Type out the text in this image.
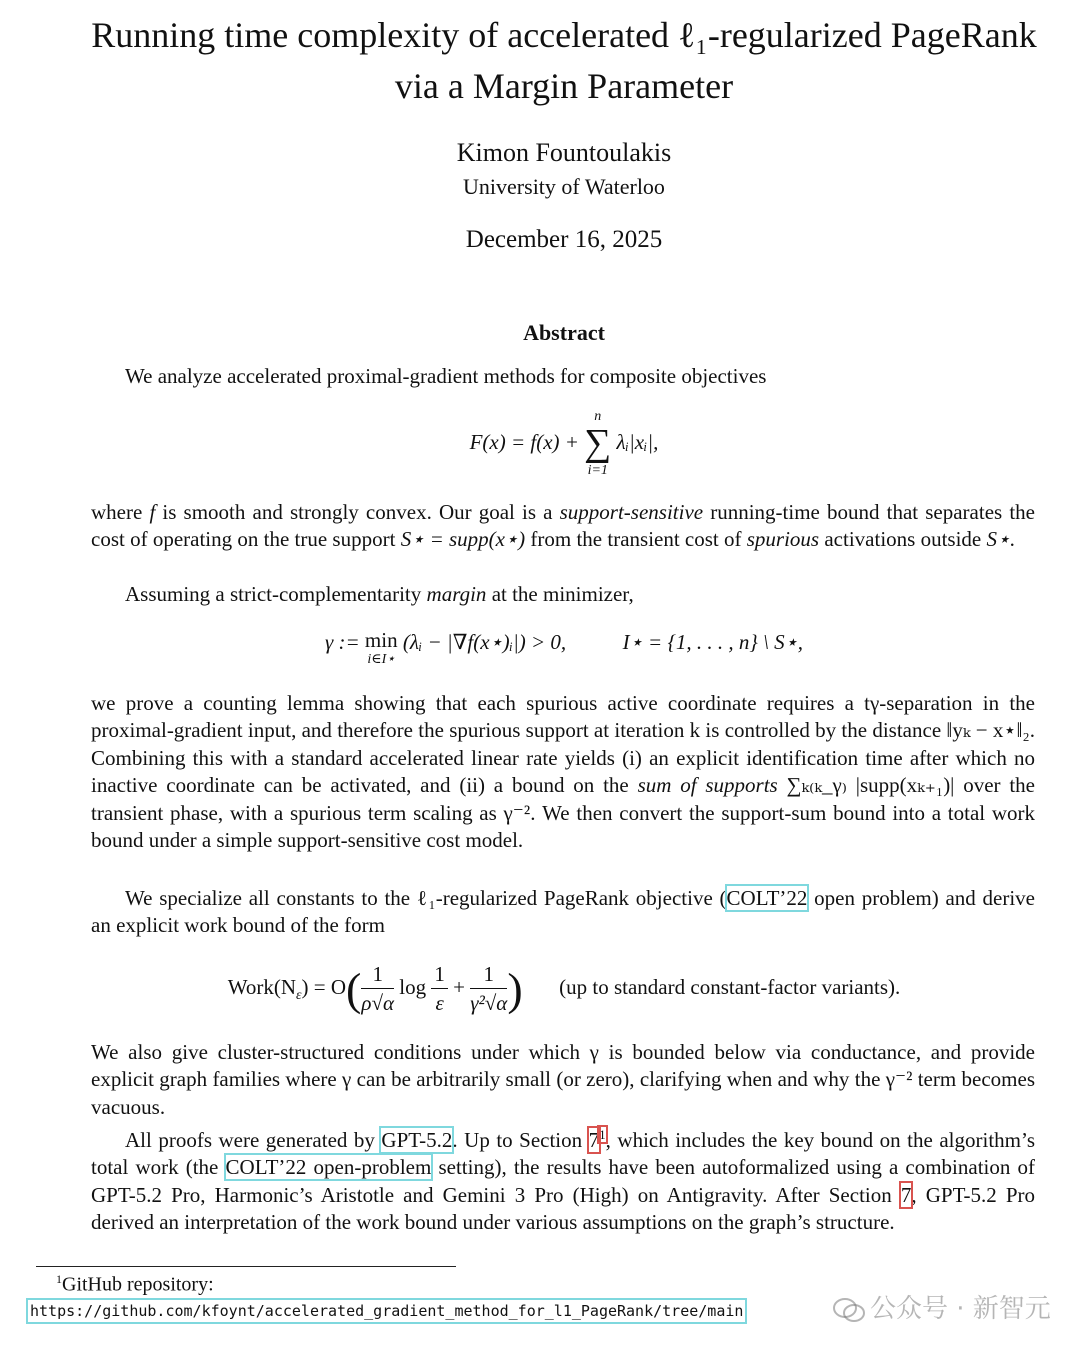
Running time complexity of accelerated ℓ₁-regularized PageRank
via a Margin Parameter
Kimon Fountoulakis
University of Waterloo
December 16, 2025
Abstract

We analyze accelerated proximal-gradient methods for composite objectives

F(x) = f(x) +
n
∑
i=1
λᵢ|xᵢ|,

where f is smooth and strongly convex. Our goal is a support-sensitive running-time bound that separates the cost of operating on the true support S⋆ = supp(x⋆) from the transient cost of spurious activations outside S⋆.

Assuming a strict-complementarity margin at the minimizer,

γ := min
i∈I⋆
(λᵢ − |∇f(x⋆)ᵢ|) > 0,	I⋆ = {1, . . . , n} \ S⋆,

we prove a counting lemma showing that each spurious active coordinate requires a tγ-separation in the proximal-gradient input, and therefore the spurious support at iteration k is controlled by the distance ‖yₖ − x⋆‖₂. Combining this with a standard accelerated linear rate yields (i) an explicit identification time after which no inactive coordinate can be activated, and (ii) a bound on the sum of supports ∑ₖ₍ₖ_γ₎ |supp(xₖ₊₁)| over the transient phase, with a spurious term scaling as γ⁻². We then convert the support-sum bound into a total work bound under a simple support-sensitive cost model.

We specialize all constants to the ℓ₁-regularized PageRank objective (COLT’22 open problem) and derive an explicit work bound of the form

$Work(N_\varepsilon) = O( \frac{1}{\rho√\alpha}$ $\log \frac{1}{\varepsilon} + \frac{1}{\text{γ²√α}}$ ) (up to standard constant-factor variants).

We also give cluster-structured conditions under which γ is bounded below via conductance, and provide explicit graph families where γ can be arbitrarily small (or zero), clarifying when and why the γ⁻² term becomes vacuous.

All proofs were generated by GPT-5.2. Up to Section 7$^1$, which includes the key bound on the algorithm’s total work (the COLT’22 open-problem setting), the results have been autoformalized using a combination of GPT-5.2 Pro, Harmonic’s Aristotle and Gemini 3 Pro (High) on Antigravity. After Section 7, GPT-5.2 Pro derived an interpretation of the work bound under various assumptions on the graph’s structure.

$^1$GitHub repository:
https://github.com/kfoynt/accelerated_gradient_method_for_l1_PageRank/tree/main	公众号 · 新智元
